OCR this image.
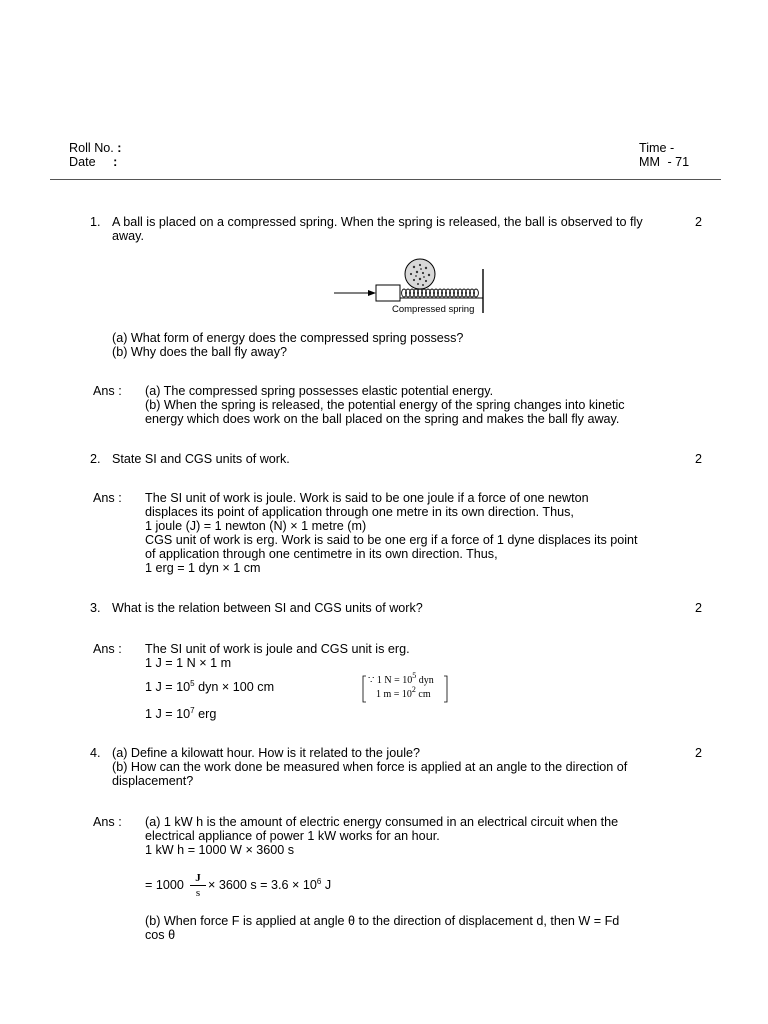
Roll No. :
Date :
Time -
MM - 71
1.	2
A ball is placed on a compressed spring. When the spring is released, the ball is observed to fly
away.
Compressed spring
(a) What form of energy does the compressed spring possess?
(b) Why does the ball fly away?
Ans : (a) The compressed spring possesses elastic potential energy.
(b) When the spring is released, the potential energy of the spring changes into kinetic
energy which does work on the ball placed on the spring and makes the ball fly away.
2.	2
State SI and CGS units of work.
Ans : The SI unit of work is joule. Work is said to be one joule if a force of one newton
displaces its point of application through one metre in its own direction. Thus,
1 joule (J) = 1 newton (N) × 1 metre (m)
CGS unit of work is erg. Work is said to be one erg if a force of 1 dyne displaces its point
of application through one centimetre in its own direction. Thus,
1 erg = 1 dyn × 1 cm
3.	2
What is the relation between SI and CGS units of work?
Ans : The SI unit of work is joule and CGS unit is erg.
1 J = 1 N × 1 m
1 $J = 10^5$ dyn × 100 cm
1 $J = 10^7$ erg
∵ 1 $N = 10^5$ dyn
1 $m = 10^2$ cm
4.	2
(a) Define a kilowatt hour. How is it related to the joule?
(b) How can the work done be measured when force is applied at an angle to the direction of
displacement?
Ans : (a) 1 kW h is the amount of electric energy consumed in an electrical circuit when the
electrical appliance of power 1 kW works for an hour.
1 kW h = 1000 W × 3600 s
= $1000 \frac{J}{s} \times 3600$ $s = 3.6 \times 10^6$ J
(b) When force F is applied at angle θ to the direction of displacement d, then W = Fd
cos θ
